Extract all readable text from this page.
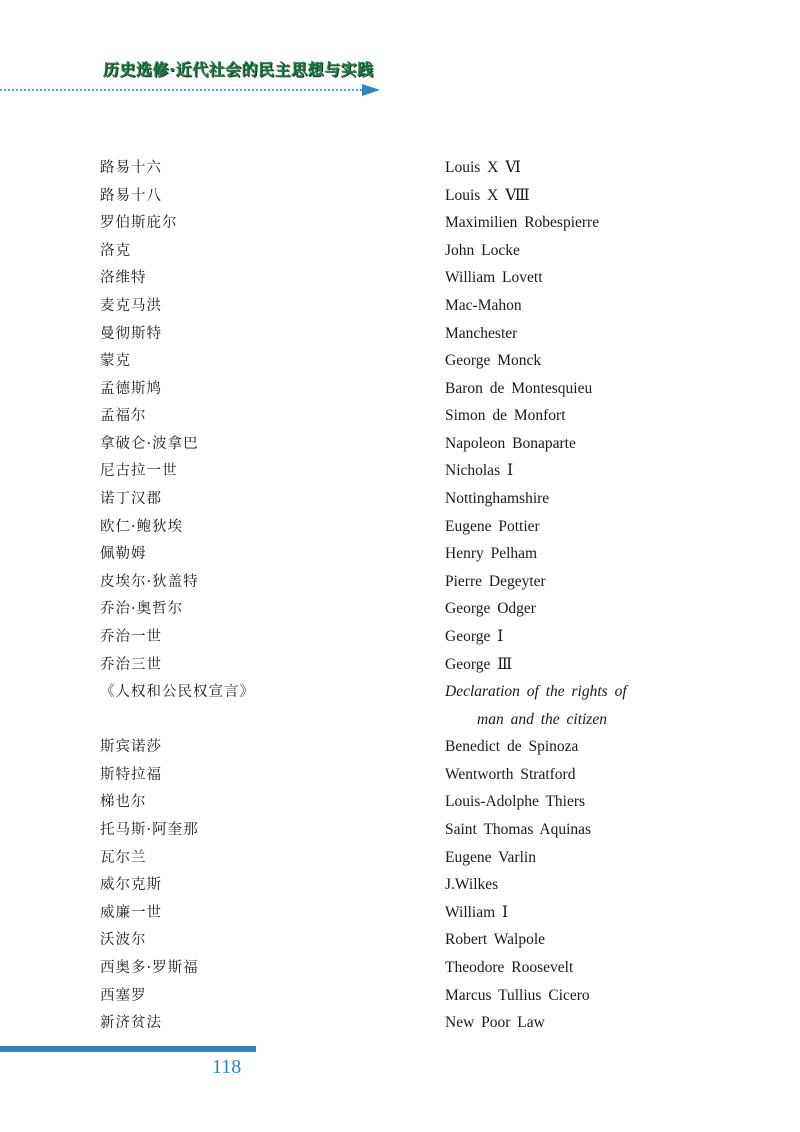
历史选修·近代社会的民主思想与实践
路易十六	Louis X Ⅵ
路易十八	Louis X Ⅷ
罗伯斯庇尔	Maximilien Robespierre
洛克	John Locke
洛维特	William Lovett
麦克马洪	Mac-Mahon
曼彻斯特	Manchester
蒙克	George Monck
孟德斯鸠	Baron de Montesquieu
孟福尔	Simon de Monfort
拿破仑·波拿巴	Napoleon Bonaparte
尼古拉一世	Nicholas Ⅰ
诺丁汉郡	Nottinghamshire
欧仁·鲍狄埃	Eugene Pottier
佩勒姆	Henry Pelham
皮埃尔·狄盖特	Pierre Degeyter
乔治·奥哲尔	George Odger
乔治一世	George Ⅰ
乔治三世	George Ⅲ
《人权和公民权宣言》	Declaration of the rights of
man and the citizen
斯宾诺莎	Benedict de Spinoza
斯特拉福	Wentworth Stratford
梯也尔	Louis-Adolphe Thiers
托马斯·阿奎那	Saint Thomas Aquinas
瓦尔兰	Eugene Varlin
威尔克斯	J.Wilkes
威廉一世	William Ⅰ
沃波尔	Robert Walpole
西奥多·罗斯福	Theodore Roosevelt
西塞罗	Marcus Tullius Cicero
新济贫法	New Poor Law
118
